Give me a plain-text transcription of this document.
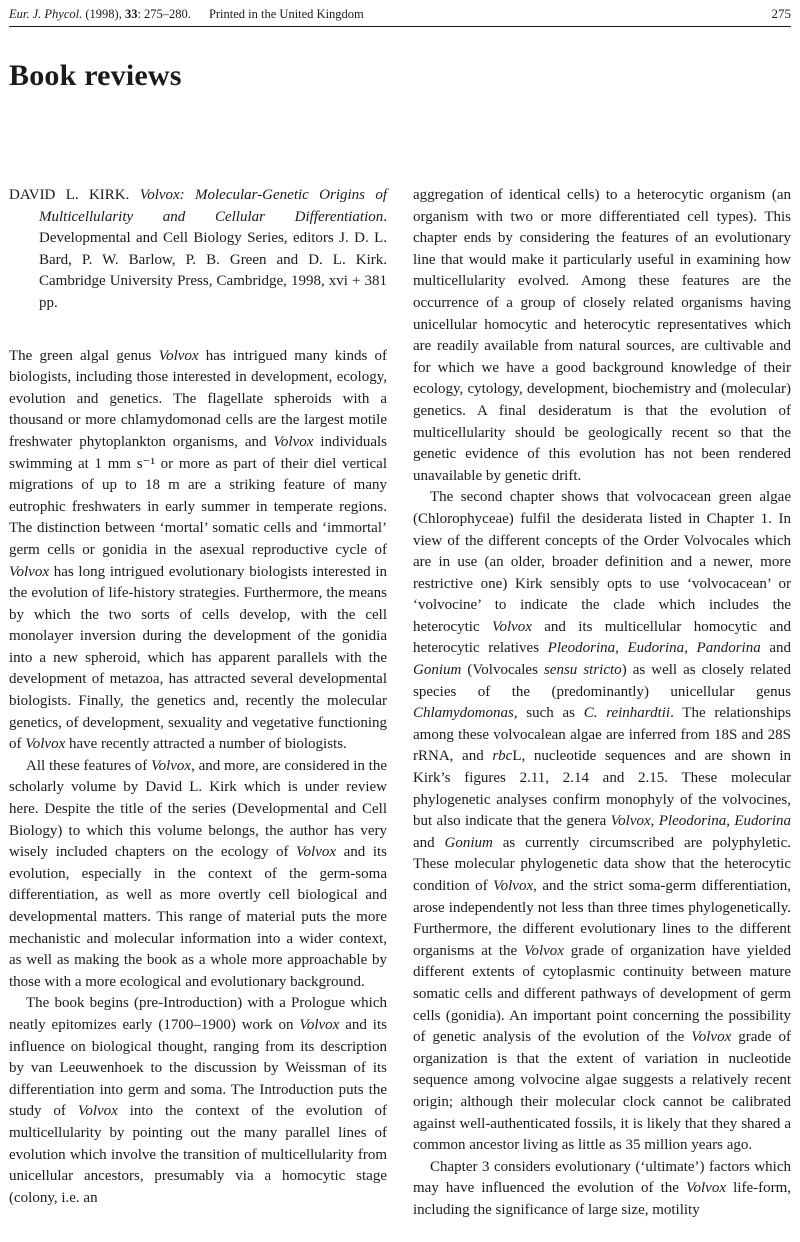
Eur. J. Phycol. (1998), 33: 275–280. Printed in the United Kingdom	275
Book reviews

DAVID L. KIRK. Volvox: Molecular-Genetic Origins of Multicellularity and Cellular Differentiation. Developmental and Cell Biology Series, editors J. D. L. Bard, P. W. Barlow, P. B. Green and D. L. Kirk. Cambridge University Press, Cambridge, 1998, xvi + 381 pp.

The green algal genus Volvox has intrigued many kinds of biologists, including those interested in development, ecology, evolution and genetics. The flagellate spheroids with a thousand or more chlamydomonad cells are the largest motile freshwater phytoplankton organisms, and Volvox individuals swimming at 1 mm s⁻¹ or more as part of their diel vertical migrations of up to 18 m are a striking feature of many eutrophic freshwaters in early summer in temperate regions. The distinction between ‘mortal’ somatic cells and ‘immortal’ germ cells or gonidia in the asexual reproductive cycle of Volvox has long intrigued evolutionary biologists interested in the evolution of life-history strategies. Furthermore, the means by which the two sorts of cells develop, with the cell monolayer inversion during the development of the gonidia into a new spheroid, which has apparent parallels with the development of metazoa, has attracted several developmental biologists. Finally, the genetics and, recently the molecular genetics, of development, sexuality and vegetative functioning of Volvox have recently attracted a number of biologists.

All these features of Volvox, and more, are considered in the scholarly volume by David L. Kirk which is under review here. Despite the title of the series (Developmental and Cell Biology) to which this volume belongs, the author has very wisely included chapters on the ecology of Volvox and its evolution, especially in the context of the germ-soma differentiation, as well as more overtly cell biological and developmental matters. This range of material puts the more mechanistic and molecular information into a wider context, as well as making the book as a whole more approachable by those with a more ecological and evolutionary background.

The book begins (pre-Introduction) with a Prologue which neatly epitomizes early (1700–1900) work on Volvox and its influence on biological thought, ranging from its description by van Leeuwenhoek to the discussion by Weissman of its differentiation into germ and soma. The Introduction puts the study of Volvox into the context of the evolution of multicellularity by pointing out the many parallel lines of evolution which involve the transition of multicellularity from unicellular ancestors, presumably via a homocytic stage (colony, i.e. an

aggregation of identical cells) to a heterocytic organism (an organism with two or more differentiated cell types). This chapter ends by considering the features of an evolutionary line that would make it particularly useful in examining how multicellularity evolved. Among these features are the occurrence of a group of closely related organisms having unicellular homocytic and heterocytic representatives which are readily available from natural sources, are cultivable and for which we have a good background knowledge of their ecology, cytology, development, biochemistry and (molecular) genetics. A final desideratum is that the evolution of multicellularity should be geologically recent so that the genetic evidence of this evolution has not been rendered unavailable by genetic drift.

The second chapter shows that volvocacean green algae (Chlorophyceae) fulfil the desiderata listed in Chapter 1. In view of the different concepts of the Order Volvocales which are in use (an older, broader definition and a newer, more restrictive one) Kirk sensibly opts to use ‘volvocacean’ or ‘volvocine’ to indicate the clade which includes the heterocytic Volvox and its multicellular homocytic and heterocytic relatives Pleodorina, Eudorina, Pandorina and Gonium (Volvocales sensu stricto) as well as closely related species of the (predominantly) unicellular genus Chlamydomonas, such as C. reinhardtii. The relationships among these volvocalean algae are inferred from 18S and 28S rRNA, and rbcL, nucleotide sequences and are shown in Kirk’s figures 2.11, 2.14 and 2.15. These molecular phylogenetic analyses confirm monophyly of the volvocines, but also indicate that the genera Volvox, Pleodorina, Eudorina and Gonium as currently circumscribed are polyphyletic. These molecular phylogenetic data show that the heterocytic condition of Volvox, and the strict soma-germ differentiation, arose independently not less than three times phylogenetically. Furthermore, the different evolutionary lines to the different organisms at the Volvox grade of organization have yielded different extents of cytoplasmic continuity between mature somatic cells and different pathways of development of germ cells (gonidia). An important point concerning the possibility of genetic analysis of the evolution of the Volvox grade of organization is that the extent of variation in nucleotide sequence among volvocine algae suggests a relatively recent origin; although their molecular clock cannot be calibrated against well-authenticated fossils, it is likely that they shared a common ancestor living as little as 35 million years ago.

Chapter 3 considers evolutionary (‘ultimate’) factors which may have influenced the evolution of the Volvox life-form, including the significance of large size, motility
